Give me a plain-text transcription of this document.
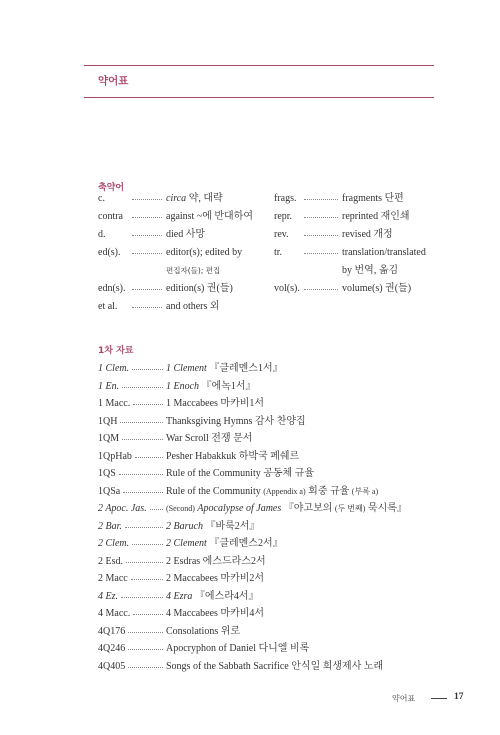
약어표
축약어
c.	circa 약, 대략
contra	against ~에 반대하여
d.	died 사망
ed(s).	editor(s); edited by
편집자(들); 편집
edn(s).	edition(s) 권(들)
et al.	and others 외
frags.	fragments 단편
repr.	reprinted 재인쇄
rev.	revised 개정
tr.	translation/translated
by 번역, 옮김
vol(s).	volume(s) 권(들)
1차 자료
1 Clem.	1 Clement 『클레멘스1서』
1 En.	1 Enoch 『에녹1서』
1 Macc.	1 Maccabees 마카비1서
1QH	Thanksgiving Hymns 감사 찬양집
1QM	War Scroll 전쟁 문서
1QpHab	Pesher Habakkuk 하박국 페쉐르
1QS	Rule of the Community 공동체 규율
1QSa	Rule of the Community (Appendix a) 회중 규율 (부록 a)
2 Apoc. Jas. (Second) Apocalypse of James 『야고보의 (두 번째) 묵시록』
2 Bar.	2 Baruch 『바룩2서』
2 Clem.	2 Clement 『클레멘스2서』
2 Esd.	2 Esdras 에스드라스2서
2 Macc	2 Maccabees 마카비2서
4 Ez.	4 Ezra 『에스라4서』
4 Macc.	4 Maccabees 마카비4서
4Q176	Consolations 위로
4Q246	Apocryphon of Daniel 다니엘 비록
4Q405	Songs of the Sabbath Sacrifice 안식일 희생제사 노래
약어표	17
